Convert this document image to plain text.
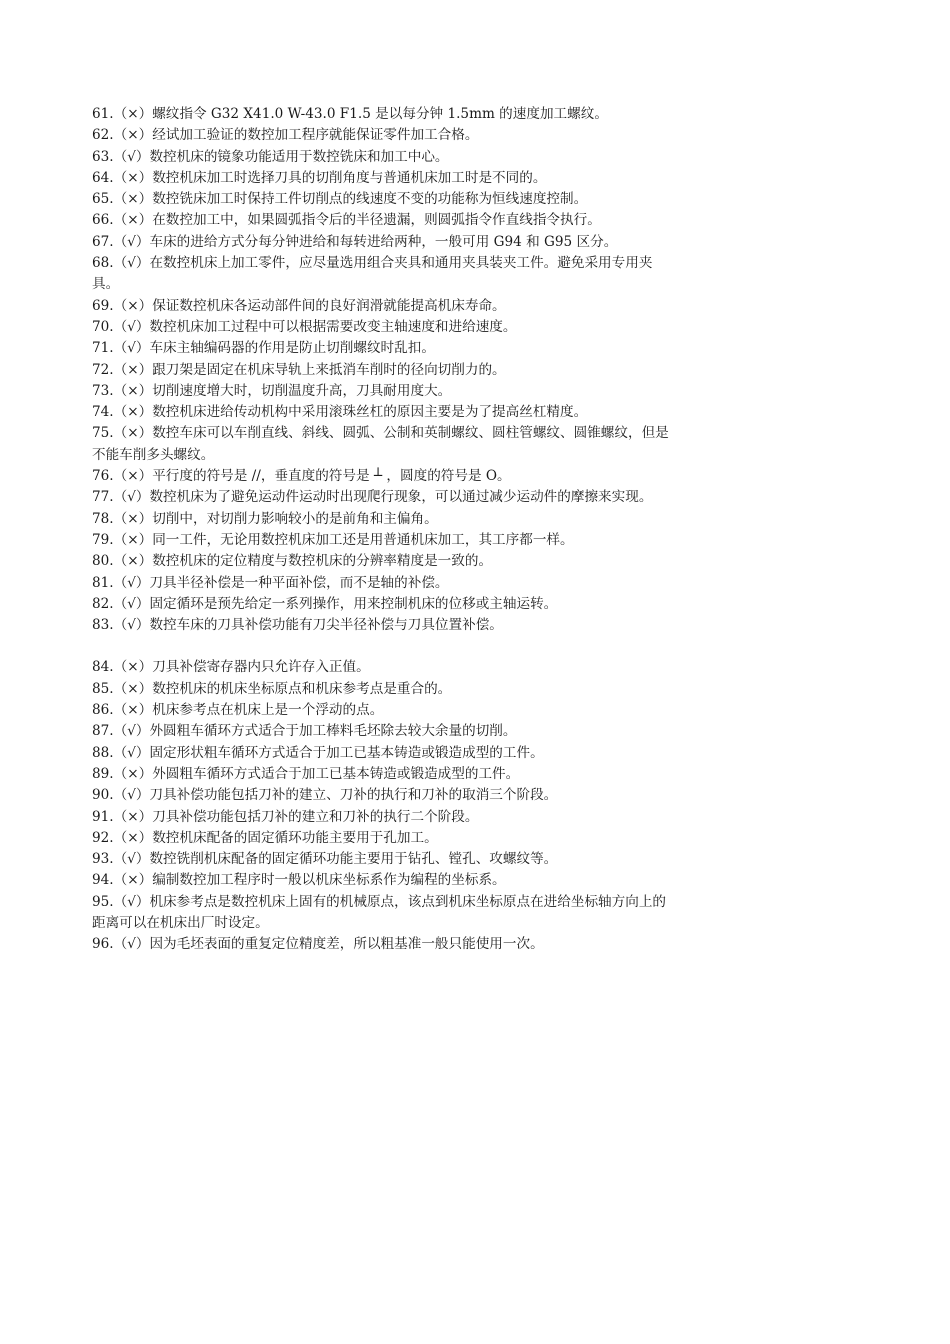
61.（×）螺纹指令 G32 X41.0 W-43.0 F1.5 是以每分钟 1.5mm 的速度加工螺纹。
62.（×）经试加工验证的数控加工程序就能保证零件加工合格。
63.（√）数控机床的镜象功能适用于数控铣床和加工中心。
64.（×）数控机床加工时选择刀具的切削角度与普通机床加工时是不同的。
65.（×）数控铣床加工时保持工件切削点的线速度不变的功能称为恒线速度控制。
66.（×）在数控加工中，如果圆弧指令后的半径遗漏，则圆弧指令作直线指令执行。
67.（√）车床的进给方式分每分钟进给和每转进给两种，一般可用 G94 和 G95 区分。
68.（√）在数控机床上加工零件，应尽量选用组合夹具和通用夹具装夹工件。避免采用专用夹具。
69.（×）保证数控机床各运动部件间的良好润滑就能提高机床寿命。
70.（√）数控机床加工过程中可以根据需要改变主轴速度和进给速度。
71.（√）车床主轴编码器的作用是防止切削螺纹时乱扣。
72.（×）跟刀架是固定在机床导轨上来抵消车削时的径向切削力的。
73.（×）切削速度增大时，切削温度升高，刀具耐用度大。
74.（×）数控机床进给传动机构中采用滚珠丝杠的原因主要是为了提高丝杠精度。
75.（×）数控车床可以车削直线、斜线、圆弧、公制和英制螺纹、圆柱管螺纹、圆锥螺纹，但是不能车削多头螺纹。
76.（×）平行度的符号是 //，垂直度的符号是 ┴ ，圆度的符号是 O。
77.（√）数控机床为了避免运动件运动时出现爬行现象，可以通过减少运动件的摩擦来实现。
78.（×）切削中，对切削力影响较小的是前角和主偏角。
79.（×）同一工件，无论用数控机床加工还是用普通机床加工，其工序都一样。
80.（×）数控机床的定位精度与数控机床的分辨率精度是一致的。
81.（√）刀具半径补偿是一种平面补偿，而不是轴的补偿。
82.（√）固定循环是预先给定一系列操作，用来控制机床的位移或主轴运转。
83.（√）数控车床的刀具补偿功能有刀尖半径补偿与刀具位置补偿。
84.（×）刀具补偿寄存器内只允许存入正值。
85.（×）数控机床的机床坐标原点和机床参考点是重合的。
86.（×）机床参考点在机床上是一个浮动的点。
87.（√）外圆粗车循环方式适合于加工棒料毛坯除去较大余量的切削。
88.（√）固定形状粗车循环方式适合于加工已基本铸造或锻造成型的工件。
89.（×）外圆粗车循环方式适合于加工已基本铸造或锻造成型的工件。
90.（√）刀具补偿功能包括刀补的建立、刀补的执行和刀补的取消三个阶段。
91.（×）刀具补偿功能包括刀补的建立和刀补的执行二个阶段。
92.（×）数控机床配备的固定循环功能主要用于孔加工。
93.（√）数控铣削机床配备的固定循环功能主要用于钻孔、镗孔、攻螺纹等。
94.（×）编制数控加工程序时一般以机床坐标系作为编程的坐标系。
95.（√）机床参考点是数控机床上固有的机械原点，该点到机床坐标原点在进给坐标轴方向上的距离可以在机床出厂时设定。
96.（√）因为毛坯表面的重复定位精度差，所以粗基准一般只能使用一次。
